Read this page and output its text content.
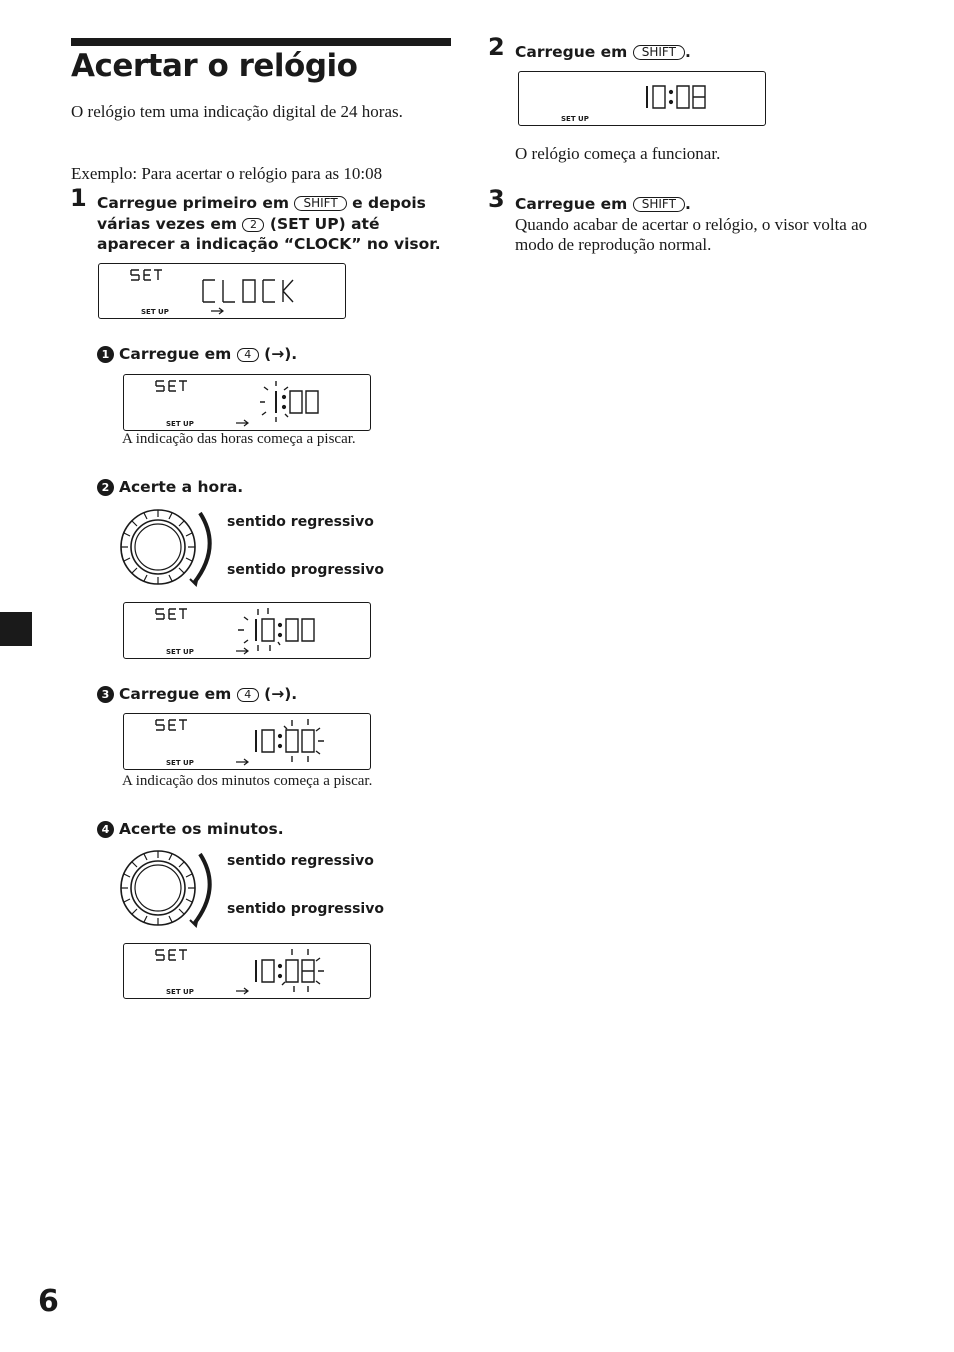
Acertar o relógio
O relógio tem uma indicação digital de 24 horas.
Exemplo: Para acertar o relógio para as 10:08
1 Carregue primeiro em SHIFT e depois várias vezes em 2 (SET UP) até aparecer a indicação “CLOCK” no visor.
SET UP
1 Carregue em 4 (→).
SET UP
A indicação das horas começa a piscar.
2 Acerte a hora.
sentido regressivo
sentido progressivo
SET UP
3 Carregue em 4 (→).
SET UP
A indicação dos minutos começa a piscar.
4 Acerte os minutos.
sentido regressivo
sentido progressivo
SET UP
2 Carregue em SHIFT .
SET UP
O relógio começa a funcionar.
3 Carregue em SHIFT .
Quando acabar de acertar o relógio, o visor volta ao modo de reprodução normal.
6
